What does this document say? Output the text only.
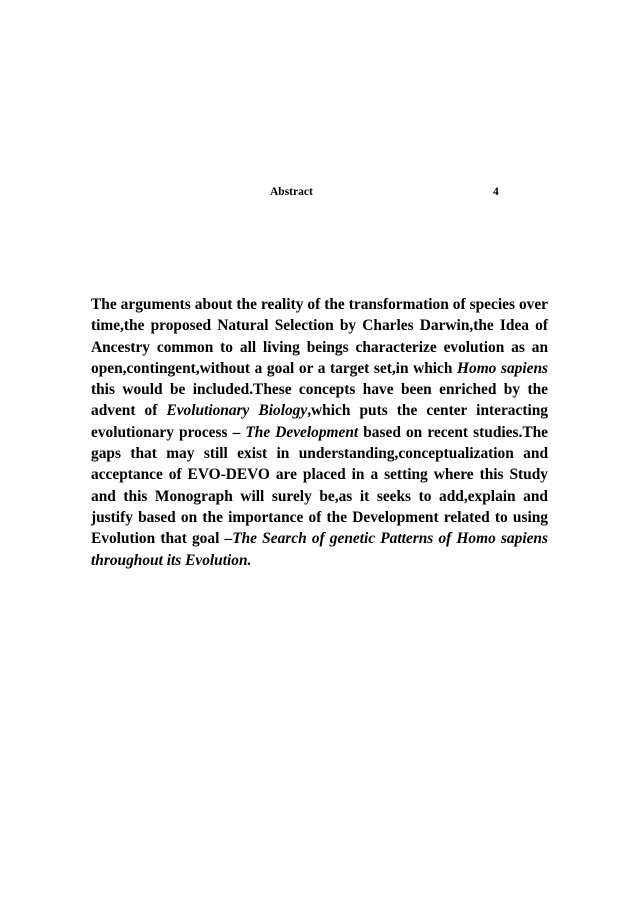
Abstract	4
The arguments about the reality of the transformation of species over time,the proposed Natural Selection by Charles Darwin,the Idea of Ancestry common to all living beings characterize evolution as an open,contingent,without a goal or a target set,in which Homo sapiens this would be included.These concepts have been enriched by the advent of Evolutionary Biology,which puts the center interacting evolutionary process – The Development based on recent studies.The gaps that may still exist in understanding,conceptualization and acceptance of EVO-DEVO are placed in a setting where this Study and this Monograph will surely be,as it seeks to add,explain and justify based on the importance of the Development related to using Evolution that goal –The Search of genetic Patterns of Homo sapiens throughout its Evolution.
